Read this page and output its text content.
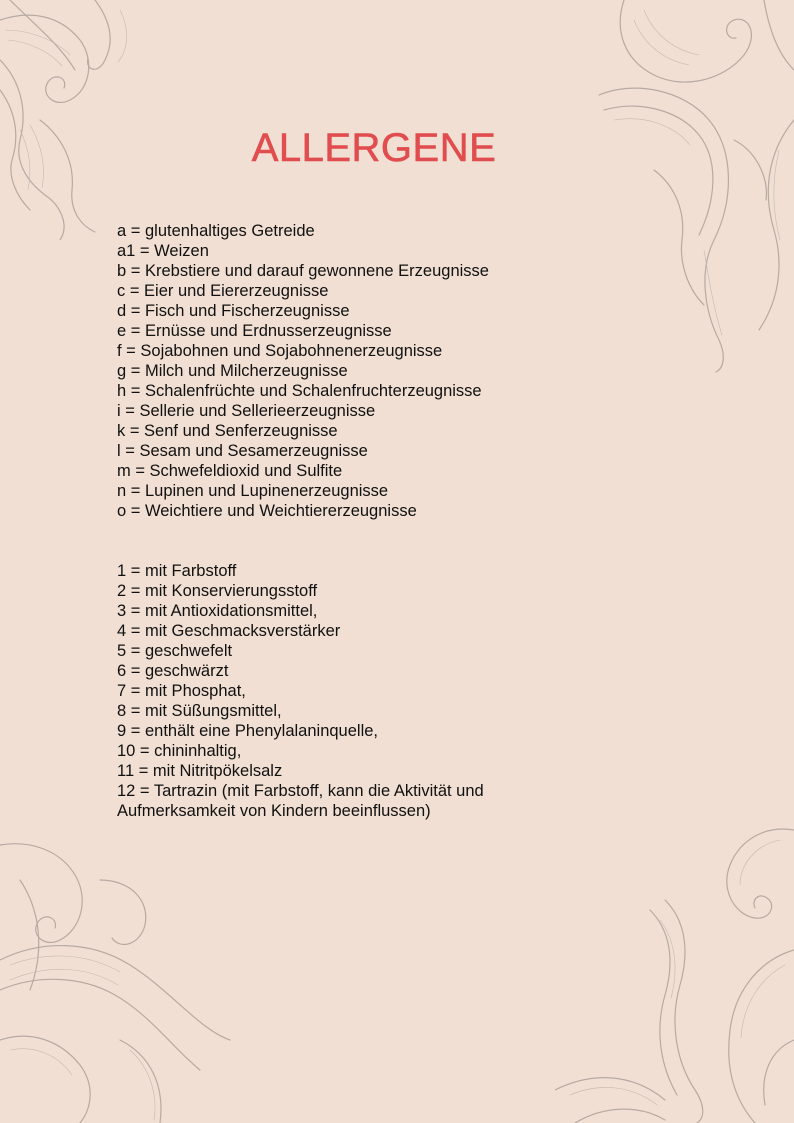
ALLERGENE
a = glutenhaltiges Getreide
a1 = Weizen
b = Krebstiere und darauf gewonnene Erzeugnisse
c = Eier und Eiererzeugnisse
d = Fisch und Fischerzeugnisse
e = Ernüsse und Erdnusserzeugnisse
f = Sojabohnen und Sojabohnenerzeugnisse
g = Milch und Milcherzeugnisse
h = Schalenfrüchte und Schalenfruchterzeugnisse
i = Sellerie und Sellerieerzeugnisse
k = Senf und Senferzeugnisse
l = Sesam und Sesamerzeugnisse
m = Schwefeldioxid und Sulfite
n = Lupinen und Lupinenerzeugnisse
o = Weichtiere und Weichtiererzeugnisse
1 = mit Farbstoff
2 = mit Konservierungsstoff
3 = mit Antioxidationsmittel,
4 = mit Geschmacksverstärker
5 = geschwefelt
6 = geschwärzt
7 = mit Phosphat,
8 = mit Süßungsmittel,
9 = enthält eine Phenylalaninquelle,
10 = chininhaltig,
11 = mit Nitritpökelsalz
12 = Tartrazin (mit Farbstoff, kann die Aktivität und Aufmerksamkeit von Kindern beeinflussen)
